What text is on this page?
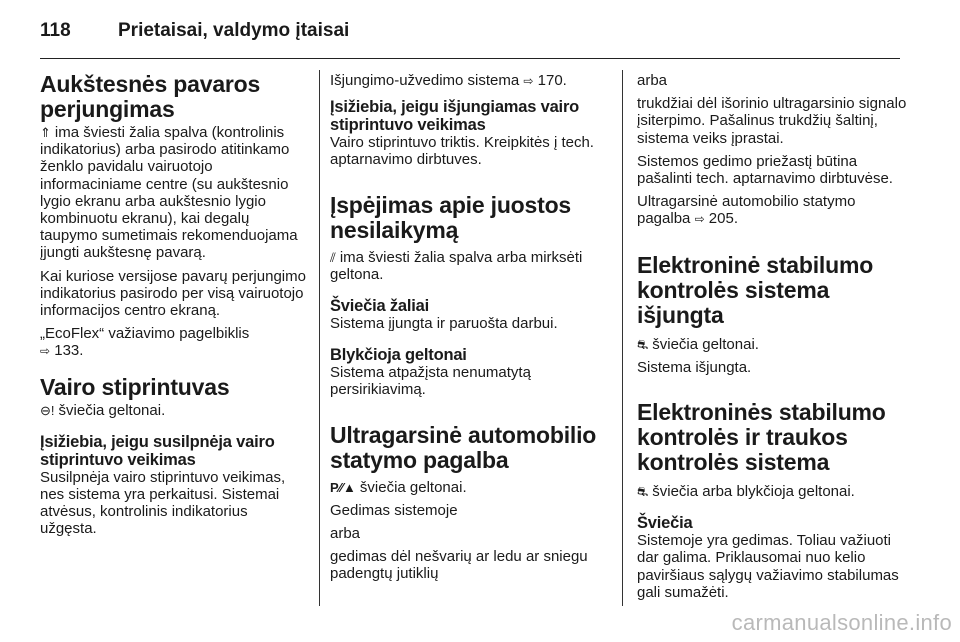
118 Prietaisai, valdymo įtaisai
Aukštesnės pavaros perjungimas

⇑ ima šviesti žalia spalva (kontrolinis indikatorius) arba pasirodo atitinkamo ženklo pavidalu vairuotojo informaciniame centre (su aukštesnio lygio ekranu arba aukštesnio lygio kombinuotu ekranu), kai degalų taupymo sumetimais rekomenduojama įjungti aukštesnę pavarą.

Kai kuriose versijose pavarų perjungimo indikatorius pasirodo per visą vairuotojo informacijos centro ekraną.

„EcoFlex“ važiavimo pagelbiklis
⇨ 133.

Vairo stiprintuvas

⊖! šviečia geltonai.

Įsižiebia, jeigu susilpnėja vairo stiprintuvo veikimas

Susilpnėja vairo stiprintuvo veikimas, nes sistema yra perkaitusi. Sistemai atvėsus, kontrolinis indikatorius užgęsta.

Išjungimo-užvedimo sistema ⇨ 170.

Įsižiebia, jeigu išjungiamas vairo stiprintuvo veikimas

Vairo stiprintuvo triktis. Kreipkitės į tech. aptarnavimo dirbtuves.

Įspėjimas apie juostos nesilaikymą

⫽ ima šviesti žalia spalva arba mirksėti geltona.

Šviečia žaliai

Sistema įjungta ir paruošta darbui.

Blykčioja geltonai

Sistema atpažįsta nenumatytą persirikiavimą.

Ultragarsinė automobilio statymo pagalba

P⁄⁄▲ šviečia geltonai.

Gedimas sistemoje

arba

gedimas dėl nešvarių ar ledu ar sniegu padengtų jutiklių

arba

trukdžiai dėl išorinio ultragarsinio signalo įsiterpimo. Pašalinus trukdžių šaltinį, sistema veiks įprastai.

Sistemos gedimo priežastį būtina pašalinti tech. aptarnavimo dirbtuvėse.

Ultragarsinė automobilio statymo pagalba ⇨ 205.

Elektroninė stabilumo kontrolės sistema išjungta

⛐ šviečia geltonai.

Sistema išjungta.

Elektroninės stabilumo kontrolės ir traukos kontrolės sistema

⛐ šviečia arba blykčioja geltonai.

Šviečia

Sistemoje yra gedimas. Toliau važiuoti dar galima. Priklausomai nuo kelio paviršiaus sąlygų važiavimo stabilumas gali sumažėti.

carmanualsonline.info
